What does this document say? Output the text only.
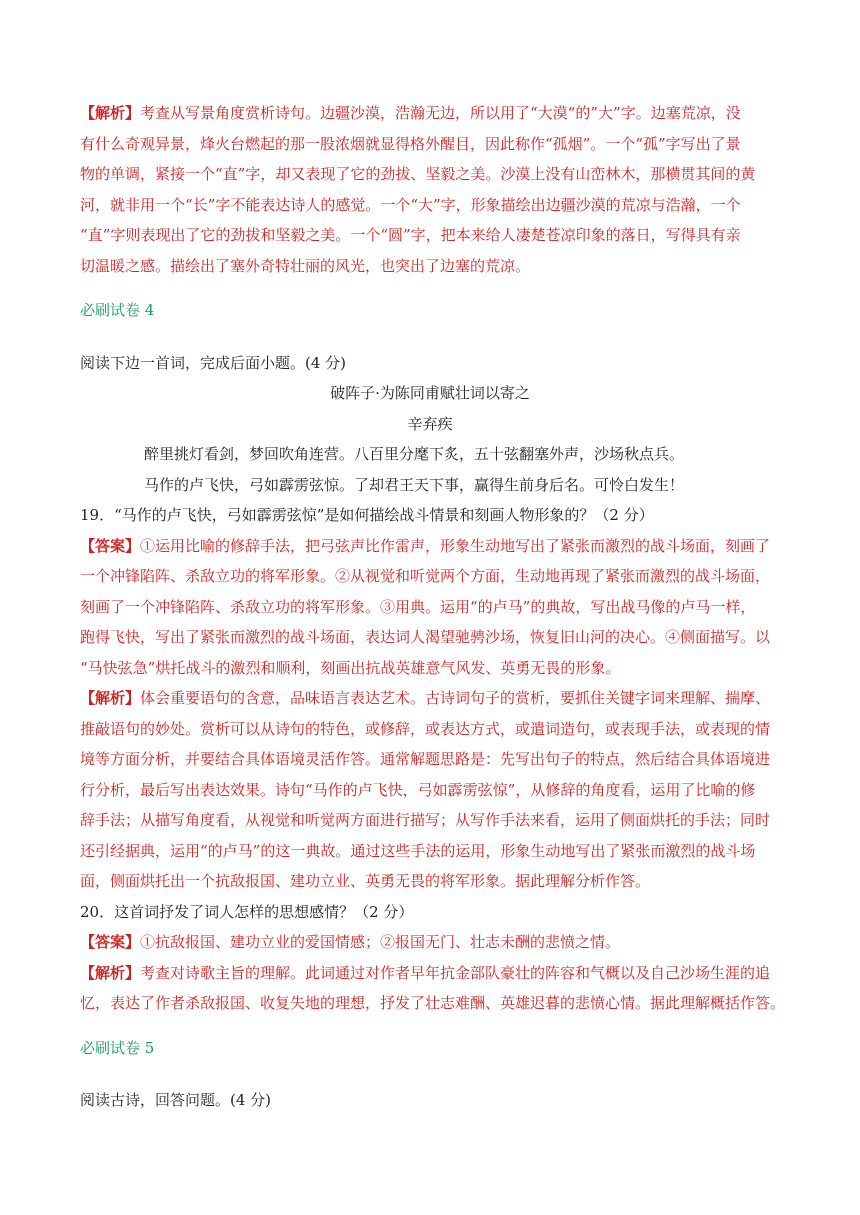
【解析】考查从写景角度赏析诗句。边疆沙漠，浩瀚无边，所以用了“大漠“的”大”字。边塞荒凉，没
有什么奇观异景，烽火台燃起的那一股浓烟就显得格外醒目，因此称作“孤烟”。一个“孤”字写出了景
物的单调，紧接一个“直”字，却又表现了它的劲拔、坚毅之美。沙漠上没有山峦林木，那横贯其间的黄
河，就非用一个“长”字不能表达诗人的感觉。一个“大”字，形象描绘出边疆沙漠的荒凉与浩瀚，一个
“直”字则表现出了它的劲拔和坚毅之美。一个“圆”字，把本来给人凄楚苍凉印象的落日，写得具有亲
切温暖之感。描绘出了塞外奇特壮丽的风光，也突出了边塞的荒凉。
必刷试卷 4
阅读下边一首词，完成后面小题。(4 分)
破阵子·为陈同甫赋壮词以寄之
辛弃疾
醉里挑灯看剑，梦回吹角连营。八百里分麾下炙，五十弦翻塞外声，沙场秋点兵。
马作的卢飞快，弓如霹雳弦惊。了却君王天下事，赢得生前身后名。可怜白发生！
19．“马作的卢飞快，弓如霹雳弦惊”是如何描绘战斗情景和刻画人物形象的？（2 分）
【答案】①运用比喻的修辞手法，把弓弦声比作雷声，形象生动地写出了紧张而激烈的战斗场面，刻画了
一个冲锋陷阵、杀敌立功的将军形象。②从视觉和听觉两个方面，生动地再现了紧张而激烈的战斗场面，
刻画了一个冲锋陷阵、杀敌立功的将军形象。③用典。运用“的卢马”的典故，写出战马像的卢马一样，
跑得飞快，写出了紧张而激烈的战斗场面，表达词人渴望驰骋沙场，恢复旧山河的决心。④侧面描写。以
“马快弦急”烘托战斗的激烈和顺利，刻画出抗战英雄意气风发、英勇无畏的形象。
【解析】体会重要语句的含意，品味语言表达艺术。古诗词句子的赏析，要抓住关键字词来理解、揣摩、
推敲语句的妙处。赏析可以从诗句的特色，或修辞，或表达方式，或遣词造句，或表现手法，或表现的情
境等方面分析，并要结合具体语境灵活作答。通常解题思路是：先写出句子的特点，然后结合具体语境进
行分析，最后写出表达效果。诗句“马作的卢飞快，弓如霹雳弦惊”，从修辞的角度看，运用了比喻的修
辞手法；从描写角度看，从视觉和听觉两方面进行描写；从写作手法来看，运用了侧面烘托的手法；同时
还引经据典，运用“的卢马”的这一典故。通过这些手法的运用，形象生动地写出了紧张而激烈的战斗场
面，侧面烘托出一个抗敌报国、建功立业、英勇无畏的将军形象。据此理解分析作答。
20．这首词抒发了词人怎样的思想感情？（2 分）
【答案】①抗敌报国、建功立业的爱国情感；②报国无门、壮志未酬的悲愤之情。
【解析】考查对诗歌主旨的理解。此词通过对作者早年抗金部队豪壮的阵容和气概以及自己沙场生涯的追
忆，表达了作者杀敌报国、收复失地的理想，抒发了壮志难酬、英雄迟暮的悲愤心情。据此理解概括作答。
必刷试卷 5
阅读古诗，回答问题。(4 分)
